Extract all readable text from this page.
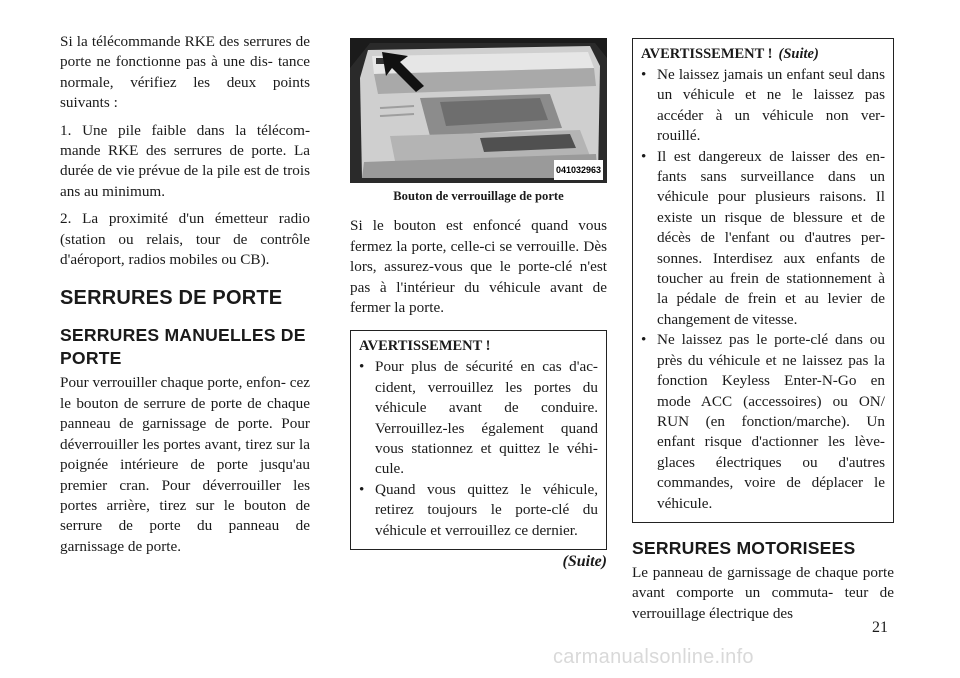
Si la télécommande RKE des serrures de porte ne fonctionne pas à une dis- tance normale, vérifiez les deux points suivants :

1. Une pile faible dans la télécom- mande RKE des serrures de porte. La durée de vie prévue de la pile est de trois ans au minimum.

2. La proximité d'un émetteur radio (station ou relais, tour de contrôle d'aéroport, radios mobiles ou CB).

SERRURES DE PORTE
SERRURES MANUELLES DE PORTE

Pour verrouiller chaque porte, enfon- cez le bouton de serrure de porte de chaque panneau de garnissage de porte. Pour déverrouiller les portes avant, tirez sur la poignée intérieure de porte jusqu'au premier cran. Pour déverrouiller les portes arrière, tirez sur le bouton de serrure de porte du panneau de garnissage de porte.

041032963
Bouton de verrouillage de porte

Si le bouton est enfoncé quand vous fermez la porte, celle-ci se verrouille. Dès lors, assurez-vous que le porte-clé n'est pas à l'intérieur du véhicule avant de fermer la porte.

AVERTISSEMENT !
• Pour plus de sécurité en cas d'ac- cident, verrouillez les portes du véhicule avant de conduire. Verrouillez-les également quand vous stationnez et quittez le véhi- cule.
• Quand vous quittez le véhicule, retirez toujours le porte-clé du véhicule et verrouillez ce dernier.
(Suite)
AVERTISSEMENT ! (Suite)
• Ne laissez jamais un enfant seul dans un véhicule et ne le laissez pas accéder à un véhicule non ver- rouillé.
• Il est dangereux de laisser des en- fants sans surveillance dans un véhicule pour plusieurs raisons. Il existe un risque de blessure et de décès de l'enfant ou d'autres per- sonnes. Interdisez aux enfants de toucher au frein de stationnement à la pédale de frein et au levier de changement de vitesse.
• Ne laissez pas le porte-clé dans ou près du véhicule et ne laissez pas la fonction Keyless Enter-N-Go en mode ACC (accessoires) ou ON/ RUN (en fonction/marche). Un enfant risque d'actionner les lève- glaces électriques ou d'autres commandes, voire de déplacer le véhicule.
SERRURES MOTORISEES

Le panneau de garnissage de chaque porte avant comporte un commuta- teur de verrouillage électrique des

21
carmanualsonline.info
